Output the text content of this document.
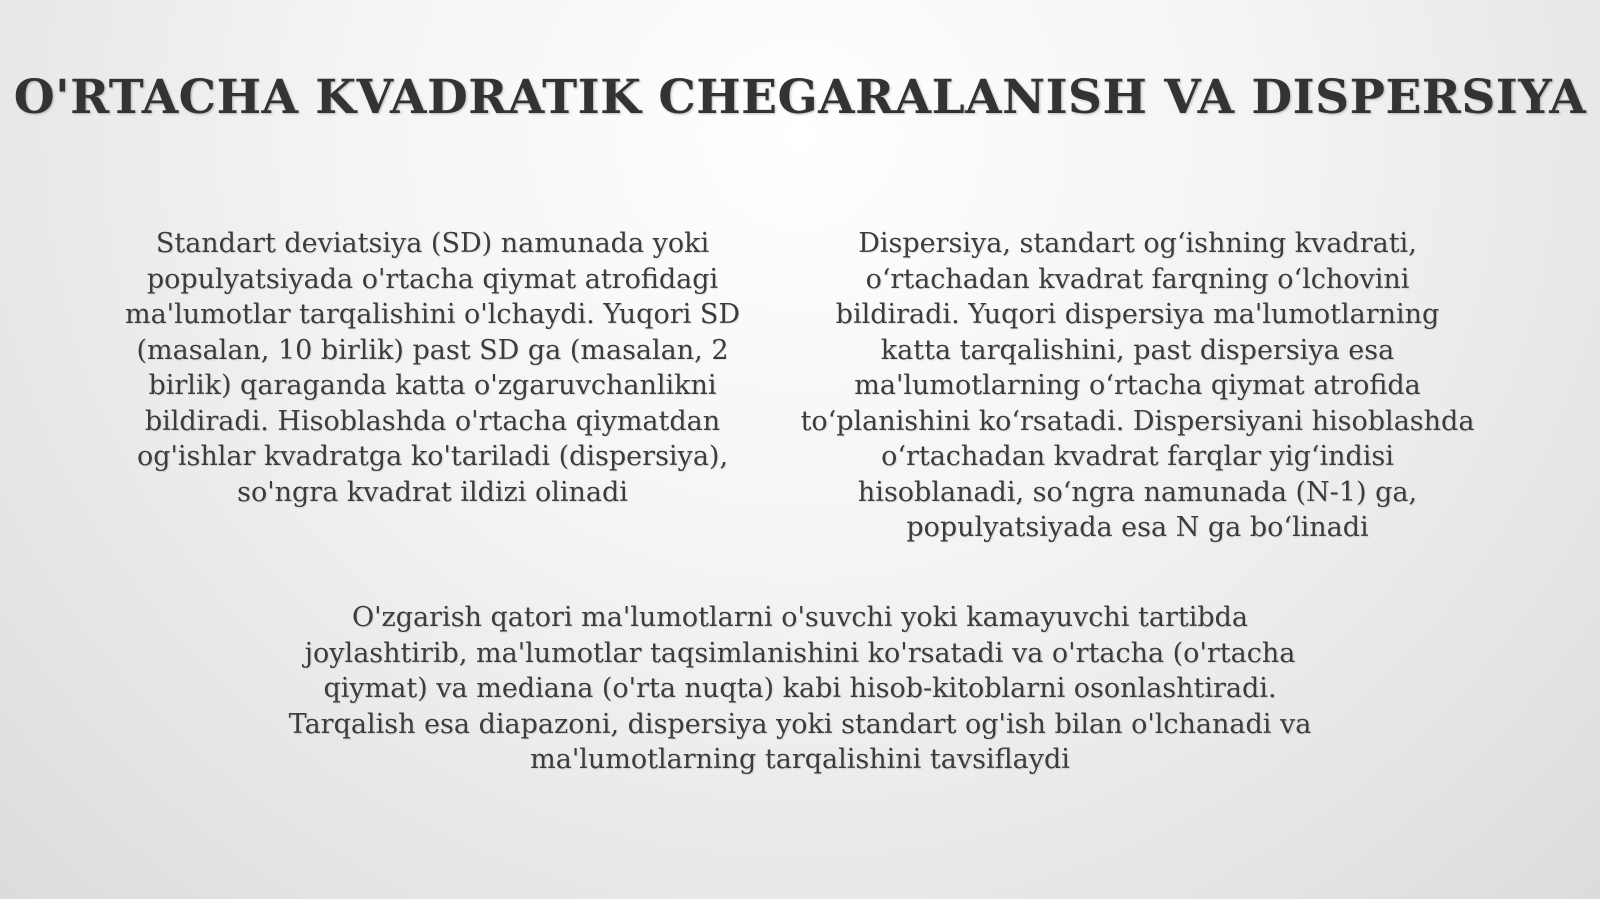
O'RTACHA KVADRATIK CHEGARALANISH VA DISPERSIYA
Standart deviatsiya (SD) namunada yoki populyatsiyada o'rtacha qiymat atrofidagi ma'lumotlar tarqalishini o'lchaydi. Yuqori SD (masalan, 10 birlik) past SD ga (masalan, 2 birlik) qaraganda katta o'zgaruvchanlikni bildiradi. Hisoblashda o'rtacha qiymatdan og'ishlar kvadratga ko'tariladi (dispersiya), so'ngra kvadrat ildizi olinadi
Dispersiya, standart og‘ishning kvadrati, o‘rtachadan kvadrat farqning o‘lchovini bildiradi. Yuqori dispersiya ma'lumotlarning katta tarqalishini, past dispersiya esa ma'lumotlarning o‘rtacha qiymat atrofida to‘planishini ko‘rsatadi. Dispersiyani hisoblashda o‘rtachadan kvadrat farqlar yig‘indisi hisoblanadi, so‘ngra namunada (N-1) ga, populyatsiyada esa N ga bo‘linadi
O'zgarish qatori ma'lumotlarni o'suvchi yoki kamayuvchi tartibda joylashtirib, ma'lumotlar taqsimlanishini ko'rsatadi va o'rtacha (o'rtacha qiymat) va mediana (o'rta nuqta) kabi hisob-kitoblarni osonlashtiradi. Tarqalish esa diapazoni, dispersiya yoki standart og'ish bilan o'lchanadi va ma'lumotlarning tarqalishini tavsiflaydi
